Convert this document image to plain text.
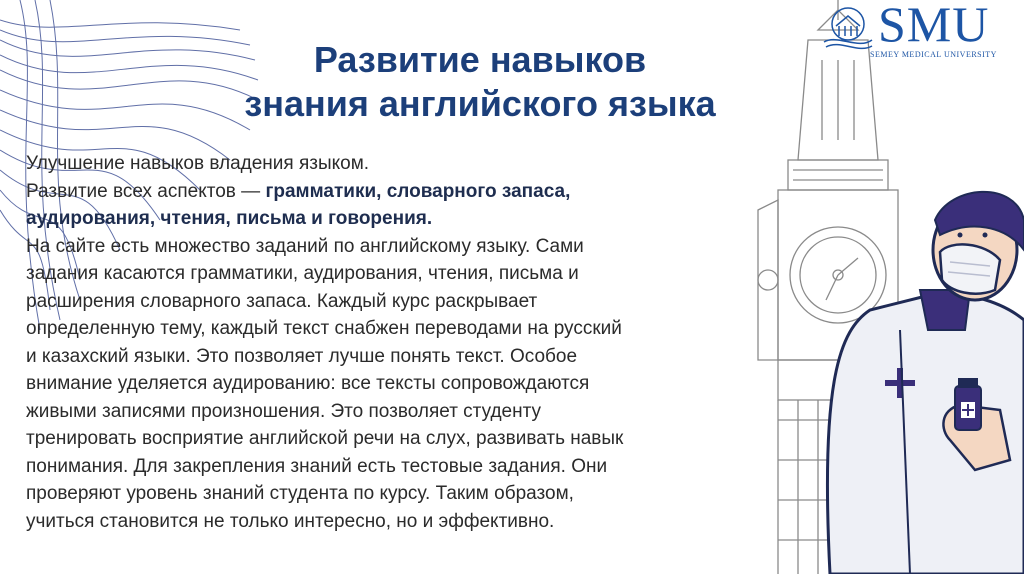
SMU
SEMEY MEDICAL UNIVERSITY
Развитие навыков
знания английского языка
Улучшение навыков владения языком.
Развитие всех аспектов — грамматики, словарного запаса,
аудирования, чтения, письма и говорения.
На сайте есть множество заданий по английскому языку. Сами
задания касаются грамматики, аудирования, чтения, письма и
расширения словарного запаса. Каждый курс раскрывает
определенную тему, каждый текст снабжен переводами на русский
и казахский языки. Это позволяет лучше понять текст. Особое
внимание уделяется аудированию: все тексты сопровождаются
живыми записями произношения. Это позволяет студенту
тренировать восприятие английской речи на слух, развивать навык
понимания. Для закрепления знаний есть тестовые задания. Они
проверяют уровень знаний студента по курсу. Таким образом,
учиться становится не только интересно, но и эффективно.
